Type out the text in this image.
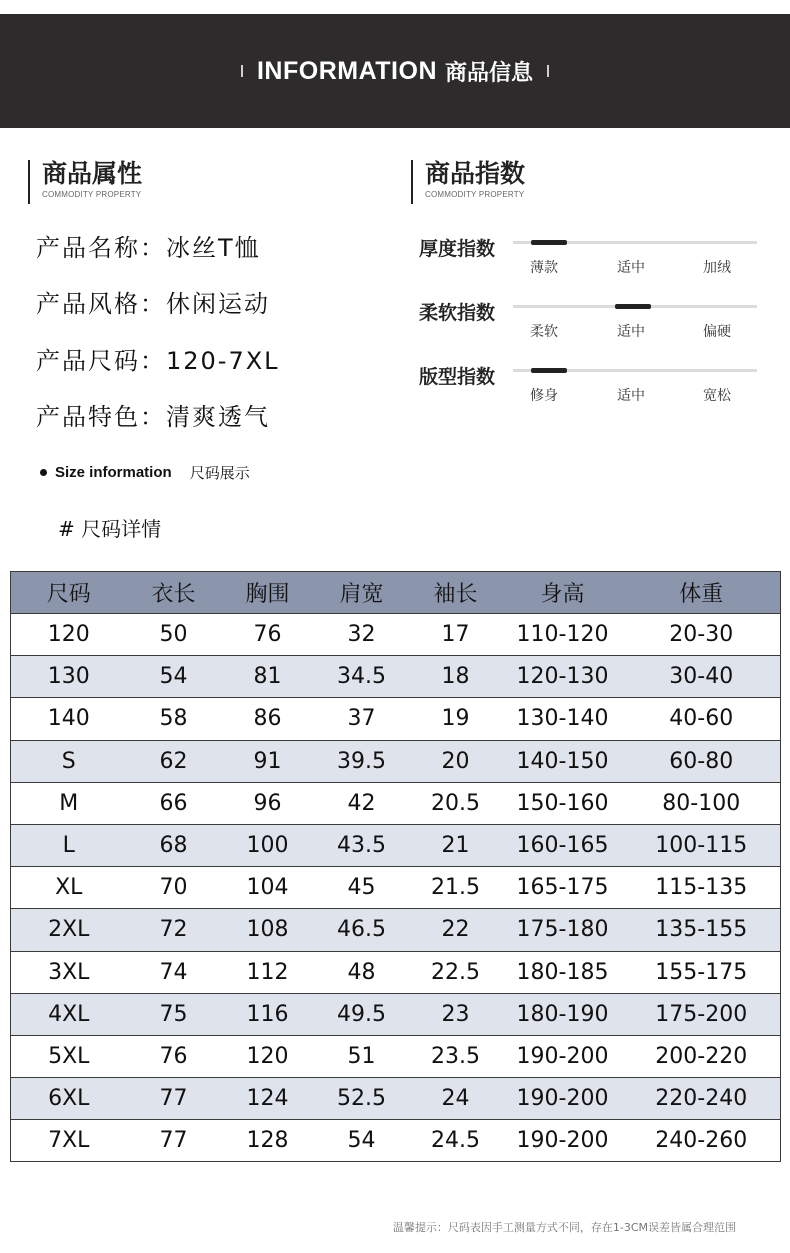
INFORMATION 商品信息
商品属性
COMMODITY PROPERTY
产品名称：冰丝T恤
产品风格：休闲运动
产品尺码：120-7XL
产品特色：清爽透气
商品指数
COMMODITY PROPERTY
厚度指数
薄款	适中	加绒
柔软指数
柔软	适中	偏硬
版型指数
修身	适中	宽松
Size information 尺码展示
# 尺码详情
尺码	衣长	胸围	肩宽	袖长	身高	体重
120	50	76	32	17	110-120	20-30
130	54	81	34.5	18	120-130	30-40
140	58	86	37	19	130-140	40-60
S	62	91	39.5	20	140-150	60-80
M	66	96	42	20.5	150-160	80-100
L	68	100	43.5	21	160-165	100-115
XL	70	104	45	21.5	165-175	115-135
2XL	72	108	46.5	22	175-180	135-155
3XL	74	112	48	22.5	180-185	155-175
4XL	75	116	49.5	23	180-190	175-200
5XL	76	120	51	23.5	190-200	200-220
6XL	77	124	52.5	24	190-200	220-240
7XL	77	128	54	24.5	190-200	240-260
温馨提示：尺码表因手工测量方式不同，存在1-3CM误差皆属合理范围
